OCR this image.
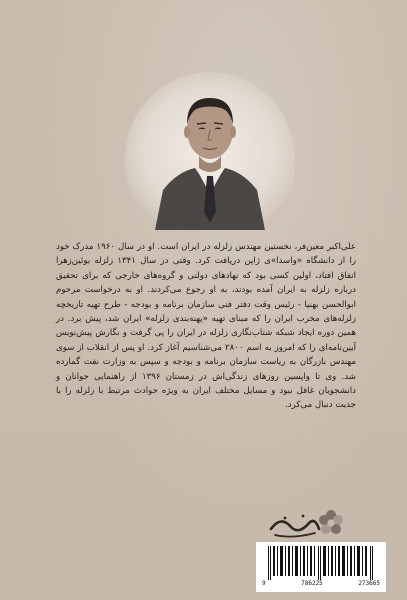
علی‌اکبر معین‌فر، نخستین مهندس زلزله در ایران است. او در سال ۱۹۶۰ مدرک خود را از دانشگاه «واسدا»ی ژاپن دریافت کرد. وقتی در سال ۱۳۴۱ زلزله بوئین‌زهرا اتفاق افتاد، اولین کسی بود که نهادهای دولتی و گروه‌های خارجی که برای تحقیق درباره زلزله به ایران آمده بودند، به او رجوع می‌کردند. او به درخواست مرحوم ابوالحسن بهنیا - رئیس وقت دفتر فنی سازمان برنامه و بودجه - طرح تهیه تاریخچه زلزله‌های مخرب ایران را که مبنای تهیه «پهنه‌بندی زلزله» ایران شد، پیش برد. در همین دوره ایجاد شبکه شتاب‌نگاری زلزله در ایران را پی گرفت و نگارش پیش‌نویس آیین‌نامه‌ای را که امروز به اسم ۲۸۰۰ می‌شناسیم آغاز کرد. او پس از انقلاب از سوی مهندس بازرگان به ریاست سازمان برنامه و بودجه و سپس به وزارت نفت گمارده شد. وی تا واپسین روزهای زندگی‌اش در زمستان ۱۳۹۶ از راهنمایی جوانان و دانشجویان غافل نبود و مسایل مختلف ایران به ویژه حوادث مرتبط با زلزله را با جدیت دنبال می‌کرد.

9	786225	273665
